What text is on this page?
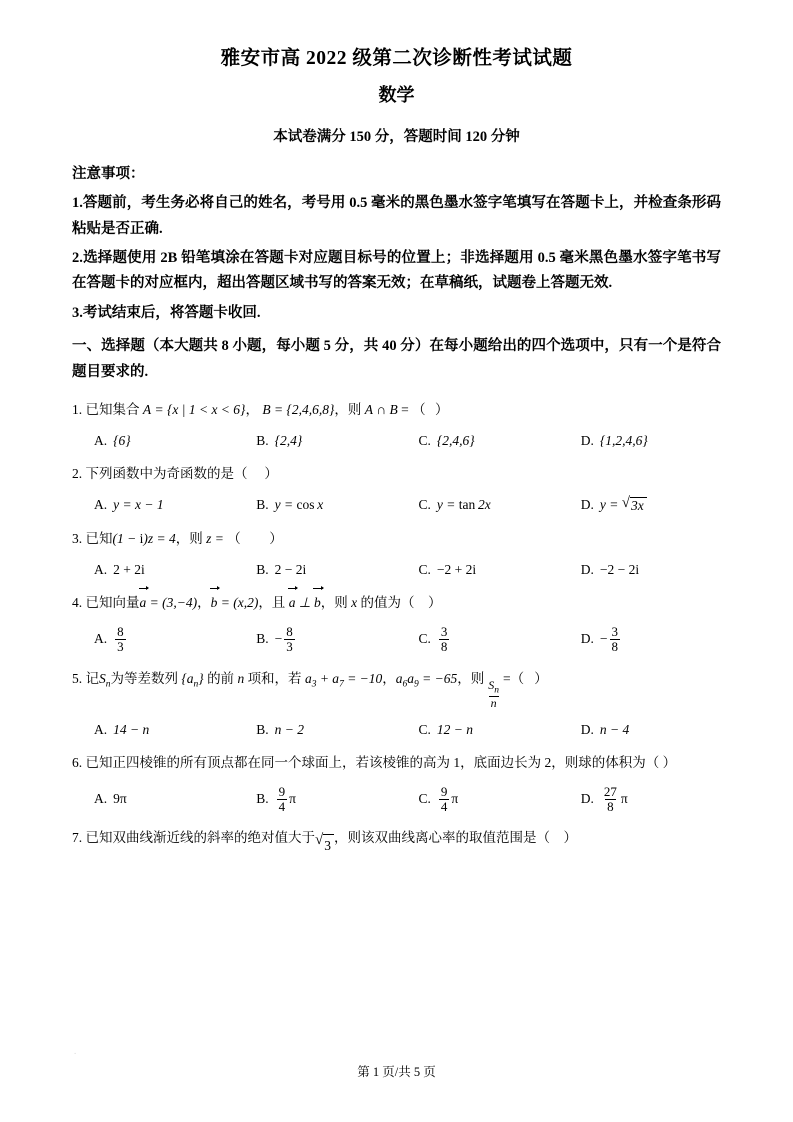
雅安市高 2022 级第二次诊断性考试试题
数学
本试卷满分 150 分，答题时间 120 分钟
注意事项：
1.答题前，考生务必将自己的姓名，考号用 0.5 毫米的黑色墨水签字笔填写在答题卡上，并检查条形码粘贴是否正确.
2.选择题使用 2B 铅笔填涂在答题卡对应题目标号的位置上；非选择题用 0.5 毫米黑色墨水签字笔书写在答题卡的对应框内，超出答题区域书写的答案无效；在草稿纸，试题卷上答题无效.
3.考试结束后，将答题卡收回.
一、选择题（本大题共 8 小题，每小题 5 分，共 40 分）在每小题给出的四个选项中，只有一个是符合题目要求的.
1. 已知集合 A = {x | 1 < x < 6}， B = {2,4,6,8}，则 A ∩ B = （ ）
A. {6}	B. {2,4}	C. {2,4,6}	D. {1,2,4,6}
2. 下列函数中为奇函数的是（     ）
A. y = x − 1	B. y = cos x	C. y = tan 2x	D. y = √ 3x
3. 已知(1 − i)z = 4，则 z = （    ）
A. 2 + 2i	B. 2 − 2i	C. −2 + 2i	D. −2 − 2i
4. 已知向量a = (3,−4)，b = (x,2)，且 a ⊥ b，则 x 的值为（    ）
A. $\frac{8}{3}$	B. − $\frac{8}{3}$	C. $\frac{3}{8}$	D. − $\frac{3}{8}$
5. 记$S_n$为等差数列 $\{a_n\}$ 的前 n 项和，若 $a_3 + a_7 = -10$，$a_6a_9 = -65$，则
$\frac{S_n}{n}$
=（   ）
A. 14 − n	B. n − 2	C. 12 − n	D. n − 4
6. 已知正四棱锥的所有顶点都在同一个球面上，若该棱锥的高为 1，底面边长为 2，则球的体积为（ ）
A. 9π	B. $\frac{9}{4}$ π	C. $\frac{9}{4}$ π	D. $\frac{27}{8}$ π
7. 已知双曲线渐近线的斜率的绝对值大于 √ 3 ，则该双曲线离心率的取值范围是（    ）
.
第 1 页/共 5 页
